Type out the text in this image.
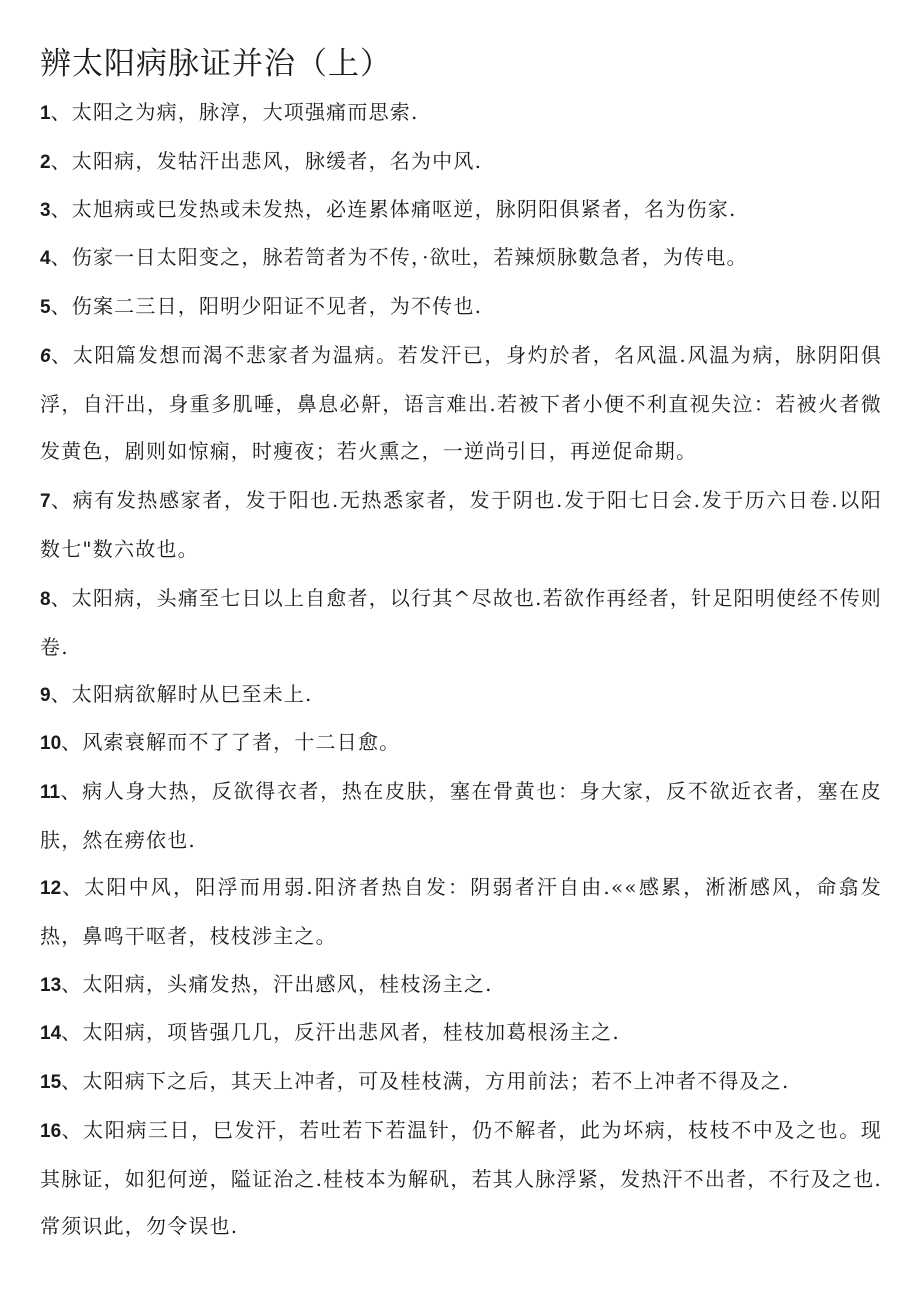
辨太阳病脉证并治（上）
1、太阳之为病，脉淳，大项强痛而思索.
2、太阳病，发牯汗出悲风，脉缓者，名为中风.
3、太旭病或巳发热或未发热，必连累体痛呕逆，脉阴阳俱紧者，名为伤家.
4、伤家一日太阳变之，脉若笥者为不传，·欲吐，若辣烦脉數急者，为传电。
5、伤案二三日，阳明少阳证不见者，为不传也.
6、太阳篇发想而渴不悲家者为温病。若发汗已，身灼於者，名风温.风温为病，脉阴阳俱浮，自汗出，身重多肌唾，鼻息必鼾，语言难出.若被下者小便不利直视失泣：若被火者微发黄色，剧则如惊痫，时瘦夜；若火熏之，一逆尚引日，再逆促命期。
7、病有发热感家者，发于阳也.无热悉家者，发于阴也.发于阳七日会.发于历六日卷.以阳数七"数六故也。
8、太阳病，头痛至七日以上自愈者，以行其^尽故也.若欲作再经者，针足阳明使经不传则卷.
9、太阳病欲解时从巳至未上.
10、风索衰解而不了了者，十二日愈。
11、病人身大热，反欲得衣者，热在皮肤，塞在骨黄也：身大家，反不欲近衣者，塞在皮肤，然在痨依也.
12、太阳中风，阳浮而用弱.阳济者热自发：阴弱者汗自由.««感累，淅淅感风，命翕发热，鼻鸣干呕者，枝枝涉主之。
13、太阳病，头痛发热，汗出感风，桂枝汤主之.
14、太阳病，项皆强几几，反汗出悲风者，桂枝加葛根汤主之.
15、太阳病下之后，其天上冲者，可及桂枝满，方用前法；若不上冲者不得及之.
16、太阳病三日，巳发汗，若吐若下若温针，仍不解者，此为坏病，枝枝不中及之也。现其脉证，如犯何逆，隘证治之.桂枝本为解矾，若其人脉浮紧，发热汗不出者，不行及之也.常须识此，勿令误也.
